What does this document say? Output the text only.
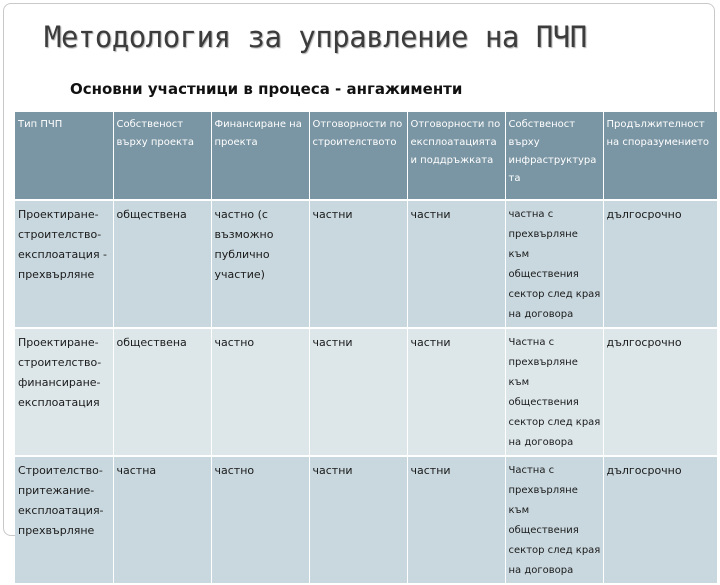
Методология за управление на ПЧП
Основни участници в процеса - ангажименти
Тип ПЧП	Собственост върху проекта	Финансиране на проекта	Отговорности по строителството	Отговорности по експлоатацията и поддръжката	Собственост върху инфраструктурата	Продължителност на споразумението
Проектиране- строителство- експлоатация - прехвърляне	обществена	частно (с възможно публично участие)	частни	частни	частна с прехвърляне към обществения сектор след края на договора	дългосрочно
Проектиране- строителство- финансиране- експлоатация	обществена	частно	частни	частни	Частна с прехвърляне към обществения сектор след края на договора	дългосрочно
Строителство- притежание- експлоатация- прехвърляне	частна	частно	частни	частни	Частна с прехвърляне към обществения сектор след края на договора	дългосрочно
